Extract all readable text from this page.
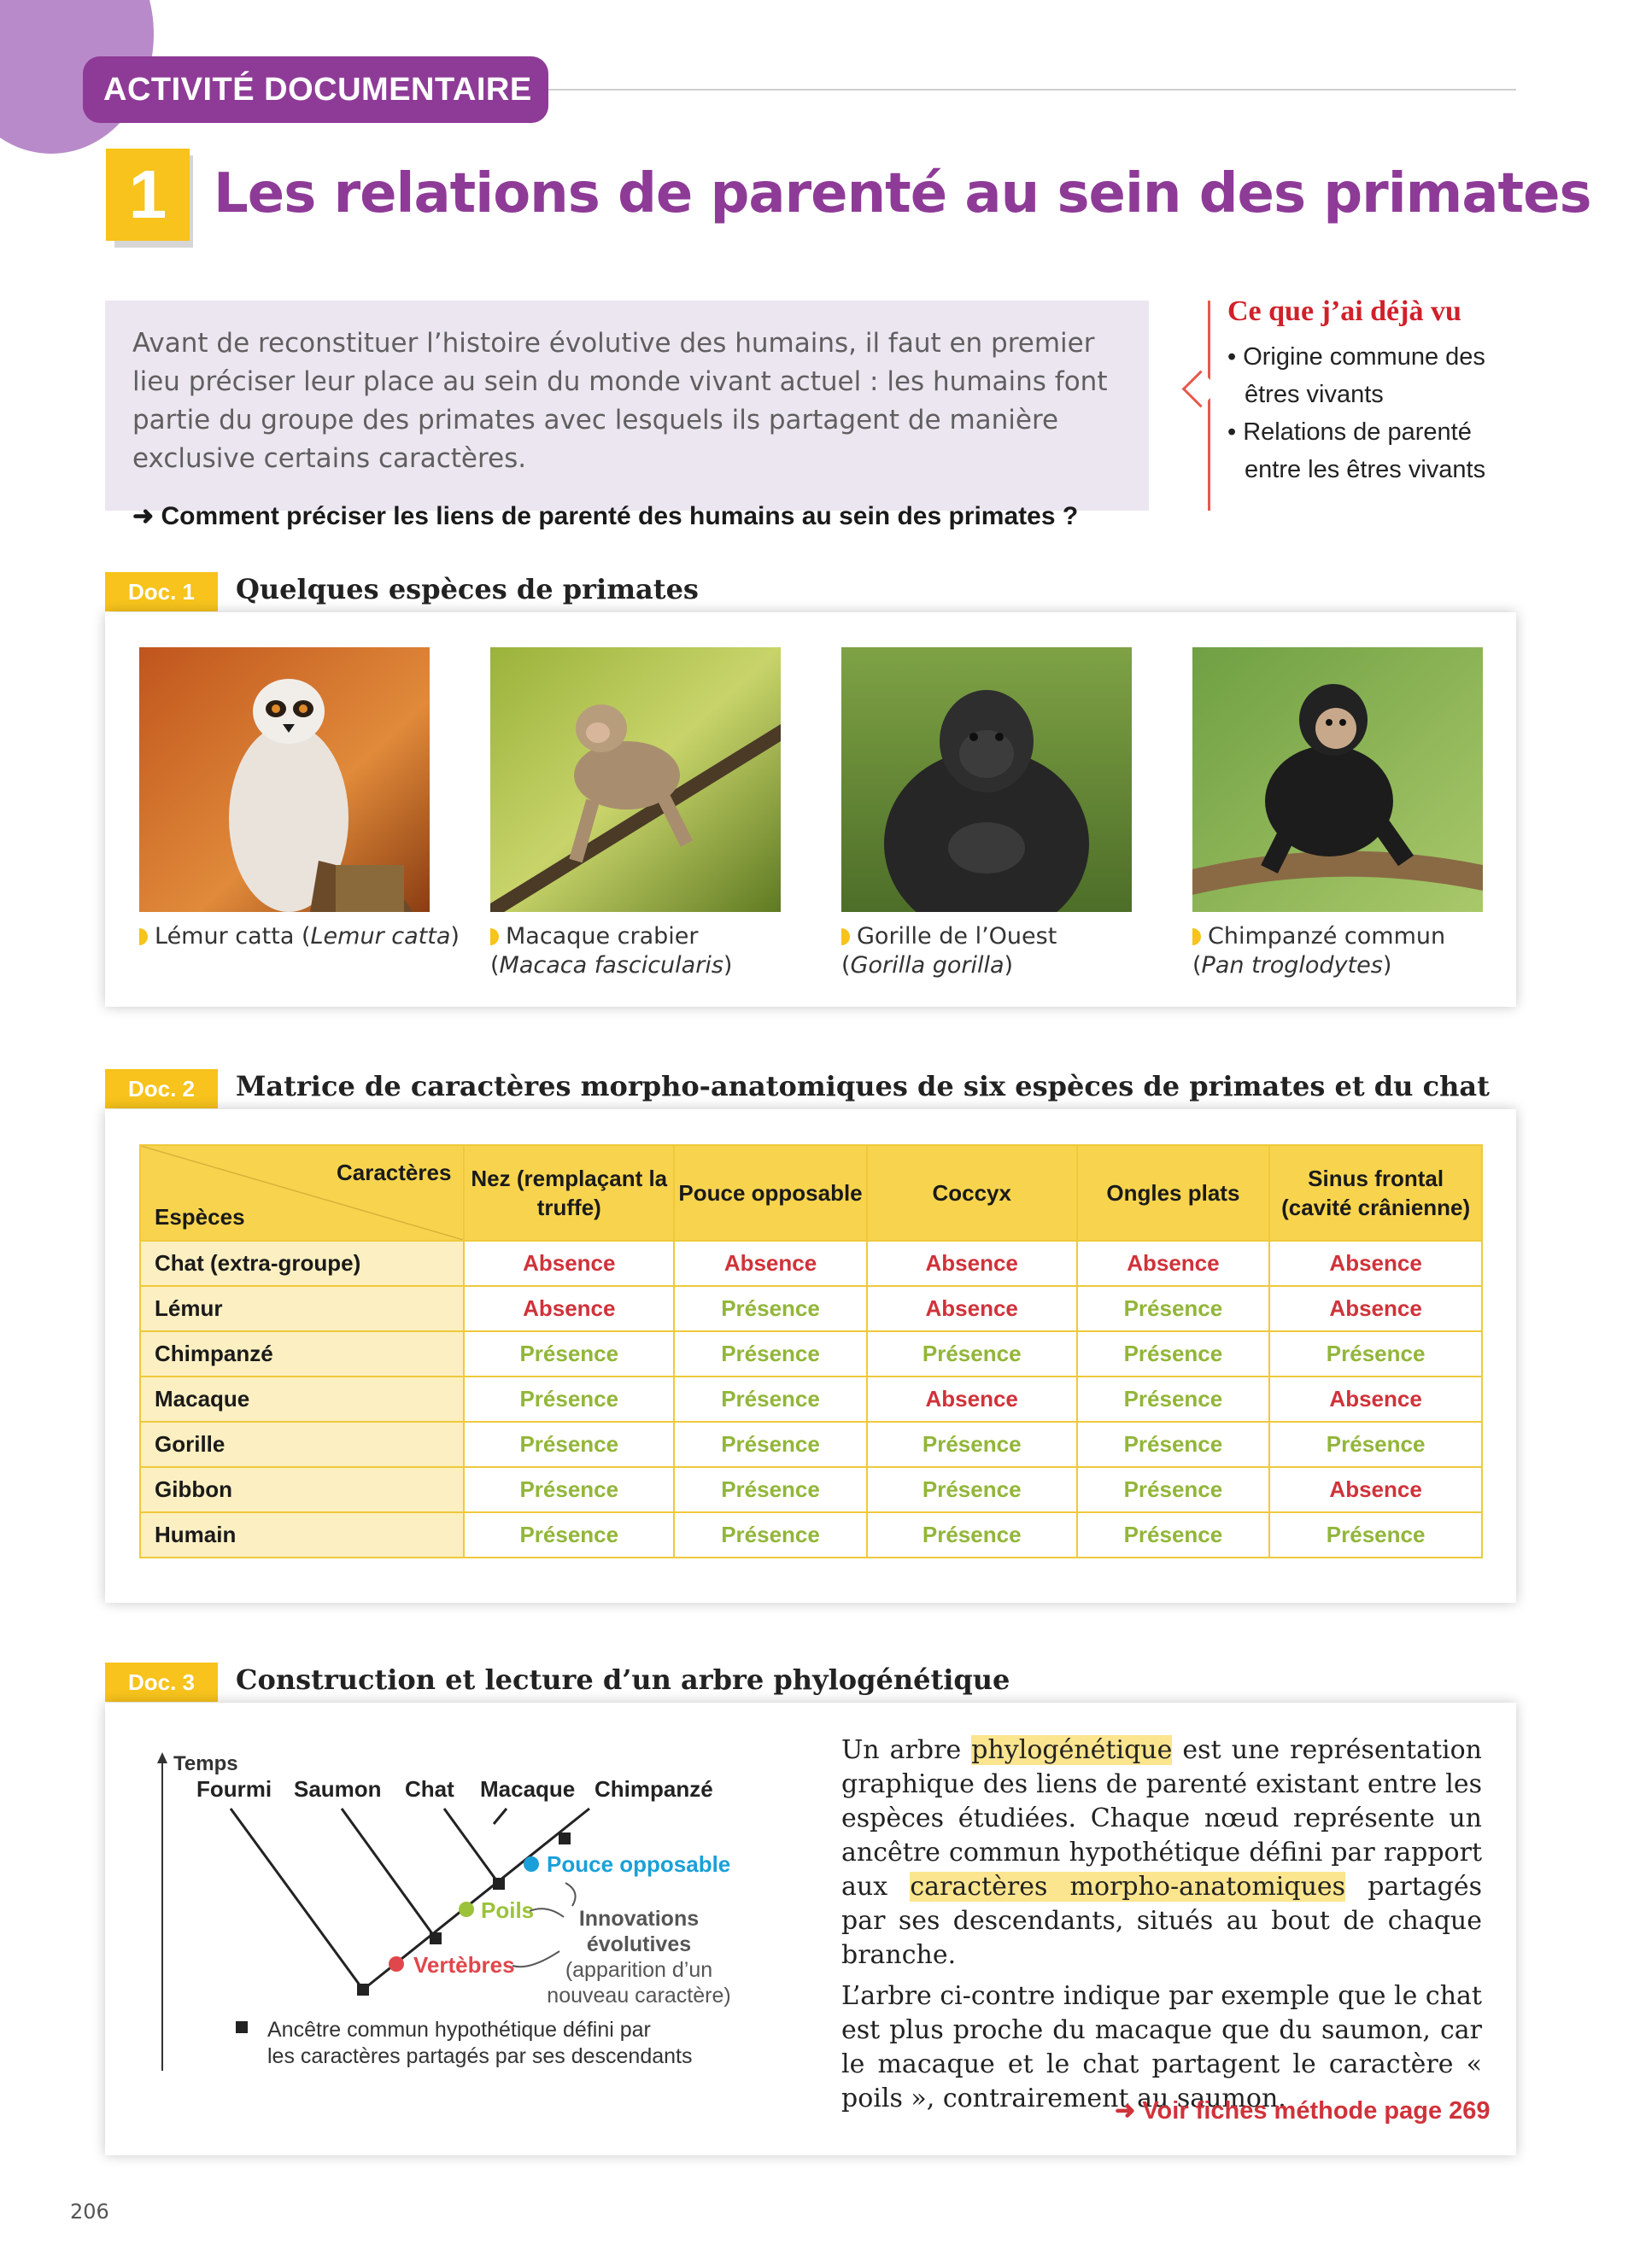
ACTIVITÉ DOCUMENTAIRE
1 Les relations de parenté au sein des primates

Avant de reconstituer l’histoire évolutive des humains, il faut en premier lieu préciser leur place au sein du monde vivant actuel : les humains font partie du groupe des primates avec lesquels ils partagent de manière exclusive certains caractères.

➜ Comment préciser les liens de parenté des humains au sein des primates ?

Ce que j’ai déjà vu
• Origine commune des êtres vivants
• Relations de parenté entre les êtres vivants
Doc. 1	Quelques espèces de primates
Lémur catta (Lemur catta)	Macaque crabier
(Macaca fascicularis)
Gorille de l’Ouest
(Gorilla gorilla)
Chimpanzé commun
(Pan troglodytes)
Doc. 2	Matrice de caractères morpho-anatomiques de six espèces de primates et du chat
Caractères
Espèces	Nez (remplaçant la truffe)	Pouce opposable	Coccyx	Ongles plats	Sinus frontal (cavité crânienne)
Chat (extra-groupe)	Absence	Absence	Absence	Absence	Absence
Lémur	Absence	Présence	Absence	Présence	Absence
Chimpanzé	Présence	Présence	Présence	Présence	Présence
Macaque	Présence	Présence	Absence	Présence	Absence
Gorille	Présence	Présence	Présence	Présence	Présence
Gibbon	Présence	Présence	Présence	Présence	Absence
Humain	Présence	Présence	Présence	Présence	Présence
Doc. 3	Construction et lecture d’un arbre phylogénétique
Temps
Fourmi Saumon Chat Macaque Chimpanzé
Pouce opposable
Poils
Vertèbres
Innovations
évolutives
(apparition d’un
nouveau caractère)
Ancêtre commun hypothétique défini par
les caractères partagés par ses descendants

Un arbre phylogénétique est une représentation graphique des liens de parenté existant entre les espèces étudiées. Chaque nœud représente un ancêtre commun hypothétique défini par rapport aux caractères morpho-anatomiques partagés par ses descendants, situés au bout de chaque branche.

L’arbre ci-contre indique par exemple que le chat est plus proche du macaque que du saumon, car le macaque et le chat partagent le caractère « poils », contrairement au saumon.

➜ Voir fiches méthode page 269
206
